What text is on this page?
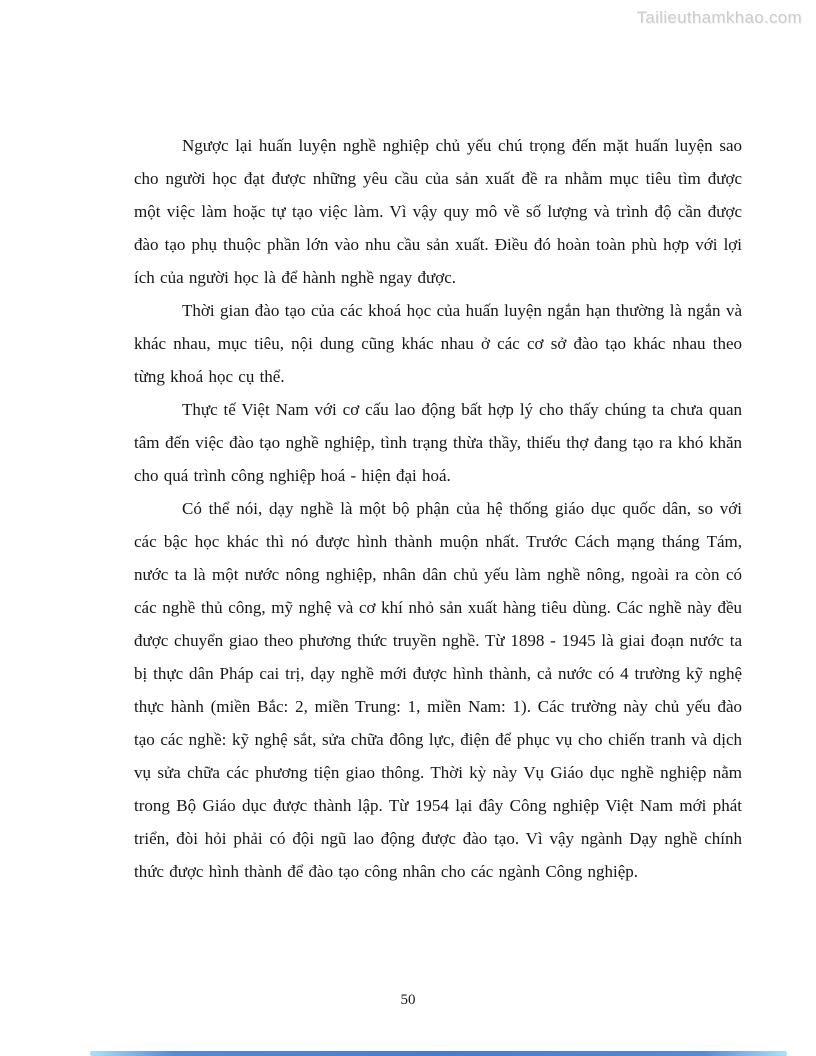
Tailieuthamkhao.com

Ngược lại huấn luyện nghề nghiệp chủ yếu chú trọng đến mặt huấn luyện sao cho người học đạt được những yêu cầu của sản xuất đề ra nhằm mục tiêu tìm được một việc làm hoặc tự tạo việc làm. Vì vậy quy mô về số lượng và trình độ cần được đào tạo phụ thuộc phần lớn vào nhu cầu sản xuất. Điều đó hoàn toàn phù hợp với lợi ích của người học là để hành nghề ngay được.

Thời gian đào tạo của các khoá học của huấn luyện ngắn hạn thường là ngắn và khác nhau, mục tiêu, nội dung cũng khác nhau ở các cơ sở đào tạo khác nhau theo từng khoá học cụ thể.

Thực tế Việt Nam với cơ cấu lao động bất hợp lý cho thấy chúng ta chưa quan tâm đến việc đào tạo nghề nghiệp, tình trạng thừa thầy, thiếu thợ đang tạo ra khó khăn cho quá trình công nghiệp hoá - hiện đại hoá.

Có thể nói, dạy nghề là một bộ phận của hệ thống giáo dục quốc dân, so với các bậc học khác thì nó được hình thành muộn nhất. Trước Cách mạng tháng Tám, nước ta là một nước nông nghiệp, nhân dân chủ yếu làm nghề nông, ngoài ra còn có các nghề thủ công, mỹ nghệ và cơ khí nhỏ sản xuất hàng tiêu dùng. Các nghề này đều được chuyển giao theo phương thức truyền nghề. Từ 1898 - 1945 là giai đoạn nước ta bị thực dân Pháp cai trị, dạy nghề mới được hình thành, cả nước có 4 trường kỹ nghệ thực hành (miền Bắc: 2, miền Trung: 1, miền Nam: 1). Các trường này chủ yếu đào tạo các nghề: kỹ nghệ sắt, sửa chữa đông lực, điện để phục vụ cho chiến tranh và dịch vụ sửa chữa các phương tiện giao thông. Thời kỳ này Vụ Giáo dục nghề nghiệp nằm trong Bộ Giáo dục được thành lập. Từ 1954 lại đây Công nghiệp Việt Nam mới phát triển, đòi hỏi phải có đội ngũ lao động được đào tạo. Vì vậy ngành Dạy nghề chính thức được hình thành để đào tạo công nhân cho các ngành Công nghiệp.

50
